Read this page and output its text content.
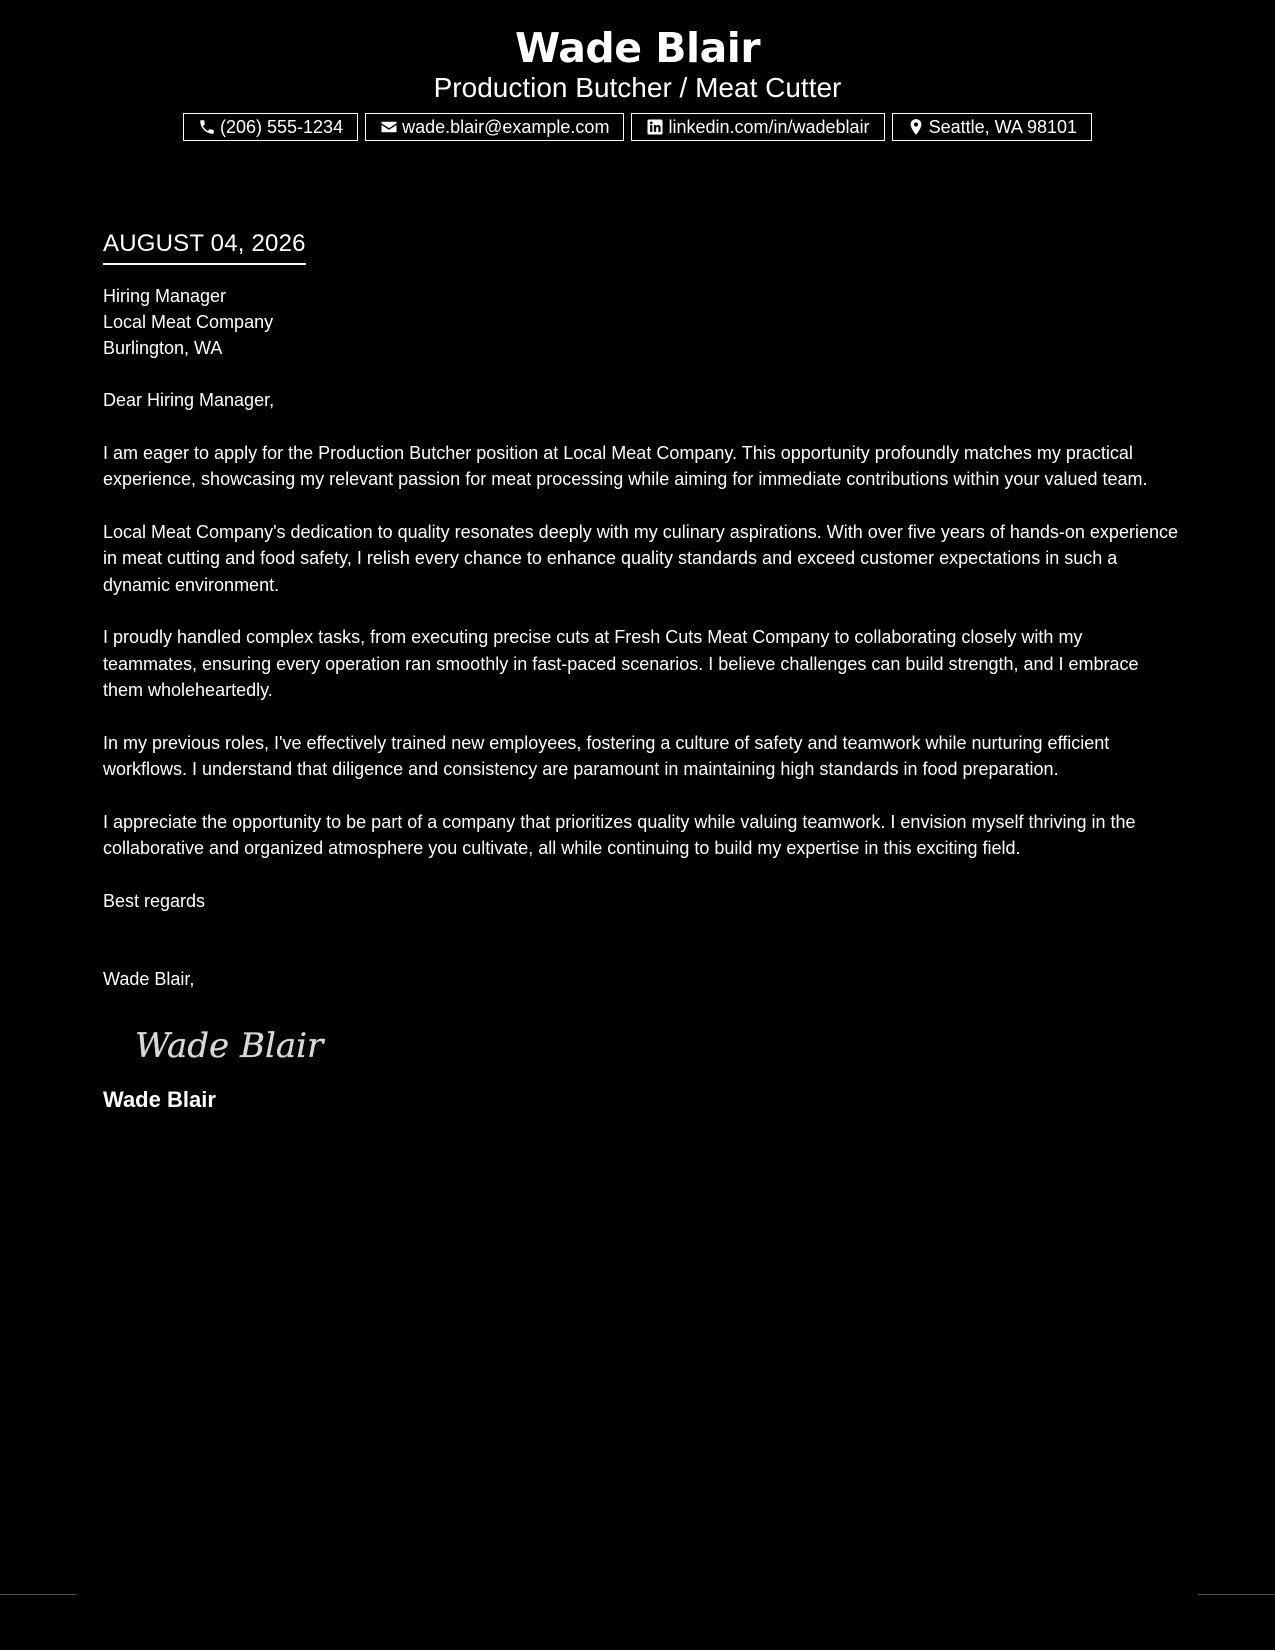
Wade Blair
Production Butcher / Meat Cutter
(206) 555-1234	wade.blair@example.com	linkedin.com/in/wadeblair	Seattle, WA 98101
AUGUST 04, 2026
Hiring Manager
Local Meat Company
Burlington, WA
Dear Hiring Manager,

I am eager to apply for the Production Butcher position at Local Meat Company. This opportunity profoundly matches my practical experience, showcasing my relevant passion for meat processing while aiming for immediate contributions within your valued team.

Local Meat Company's dedication to quality resonates deeply with my culinary aspirations. With over five years of hands-on experience in meat cutting and food safety, I relish every chance to enhance quality standards and exceed customer expectations in such a dynamic environment.

I proudly handled complex tasks, from executing precise cuts at Fresh Cuts Meat Company to collaborating closely with my teammates, ensuring every operation ran smoothly in fast-paced scenarios. I believe challenges can build strength, and I embrace them wholeheartedly.

In my previous roles, I've effectively trained new employees, fostering a culture of safety and teamwork while nurturing efficient workflows. I understand that diligence and consistency are paramount in maintaining high standards in food preparation.

I appreciate the opportunity to be part of a company that prioritizes quality while valuing teamwork. I envision myself thriving in the collaborative and organized atmosphere you cultivate, all while continuing to build my expertise in this exciting field.

Best regards
Wade Blair,
Wade Blair
Wade Blair
